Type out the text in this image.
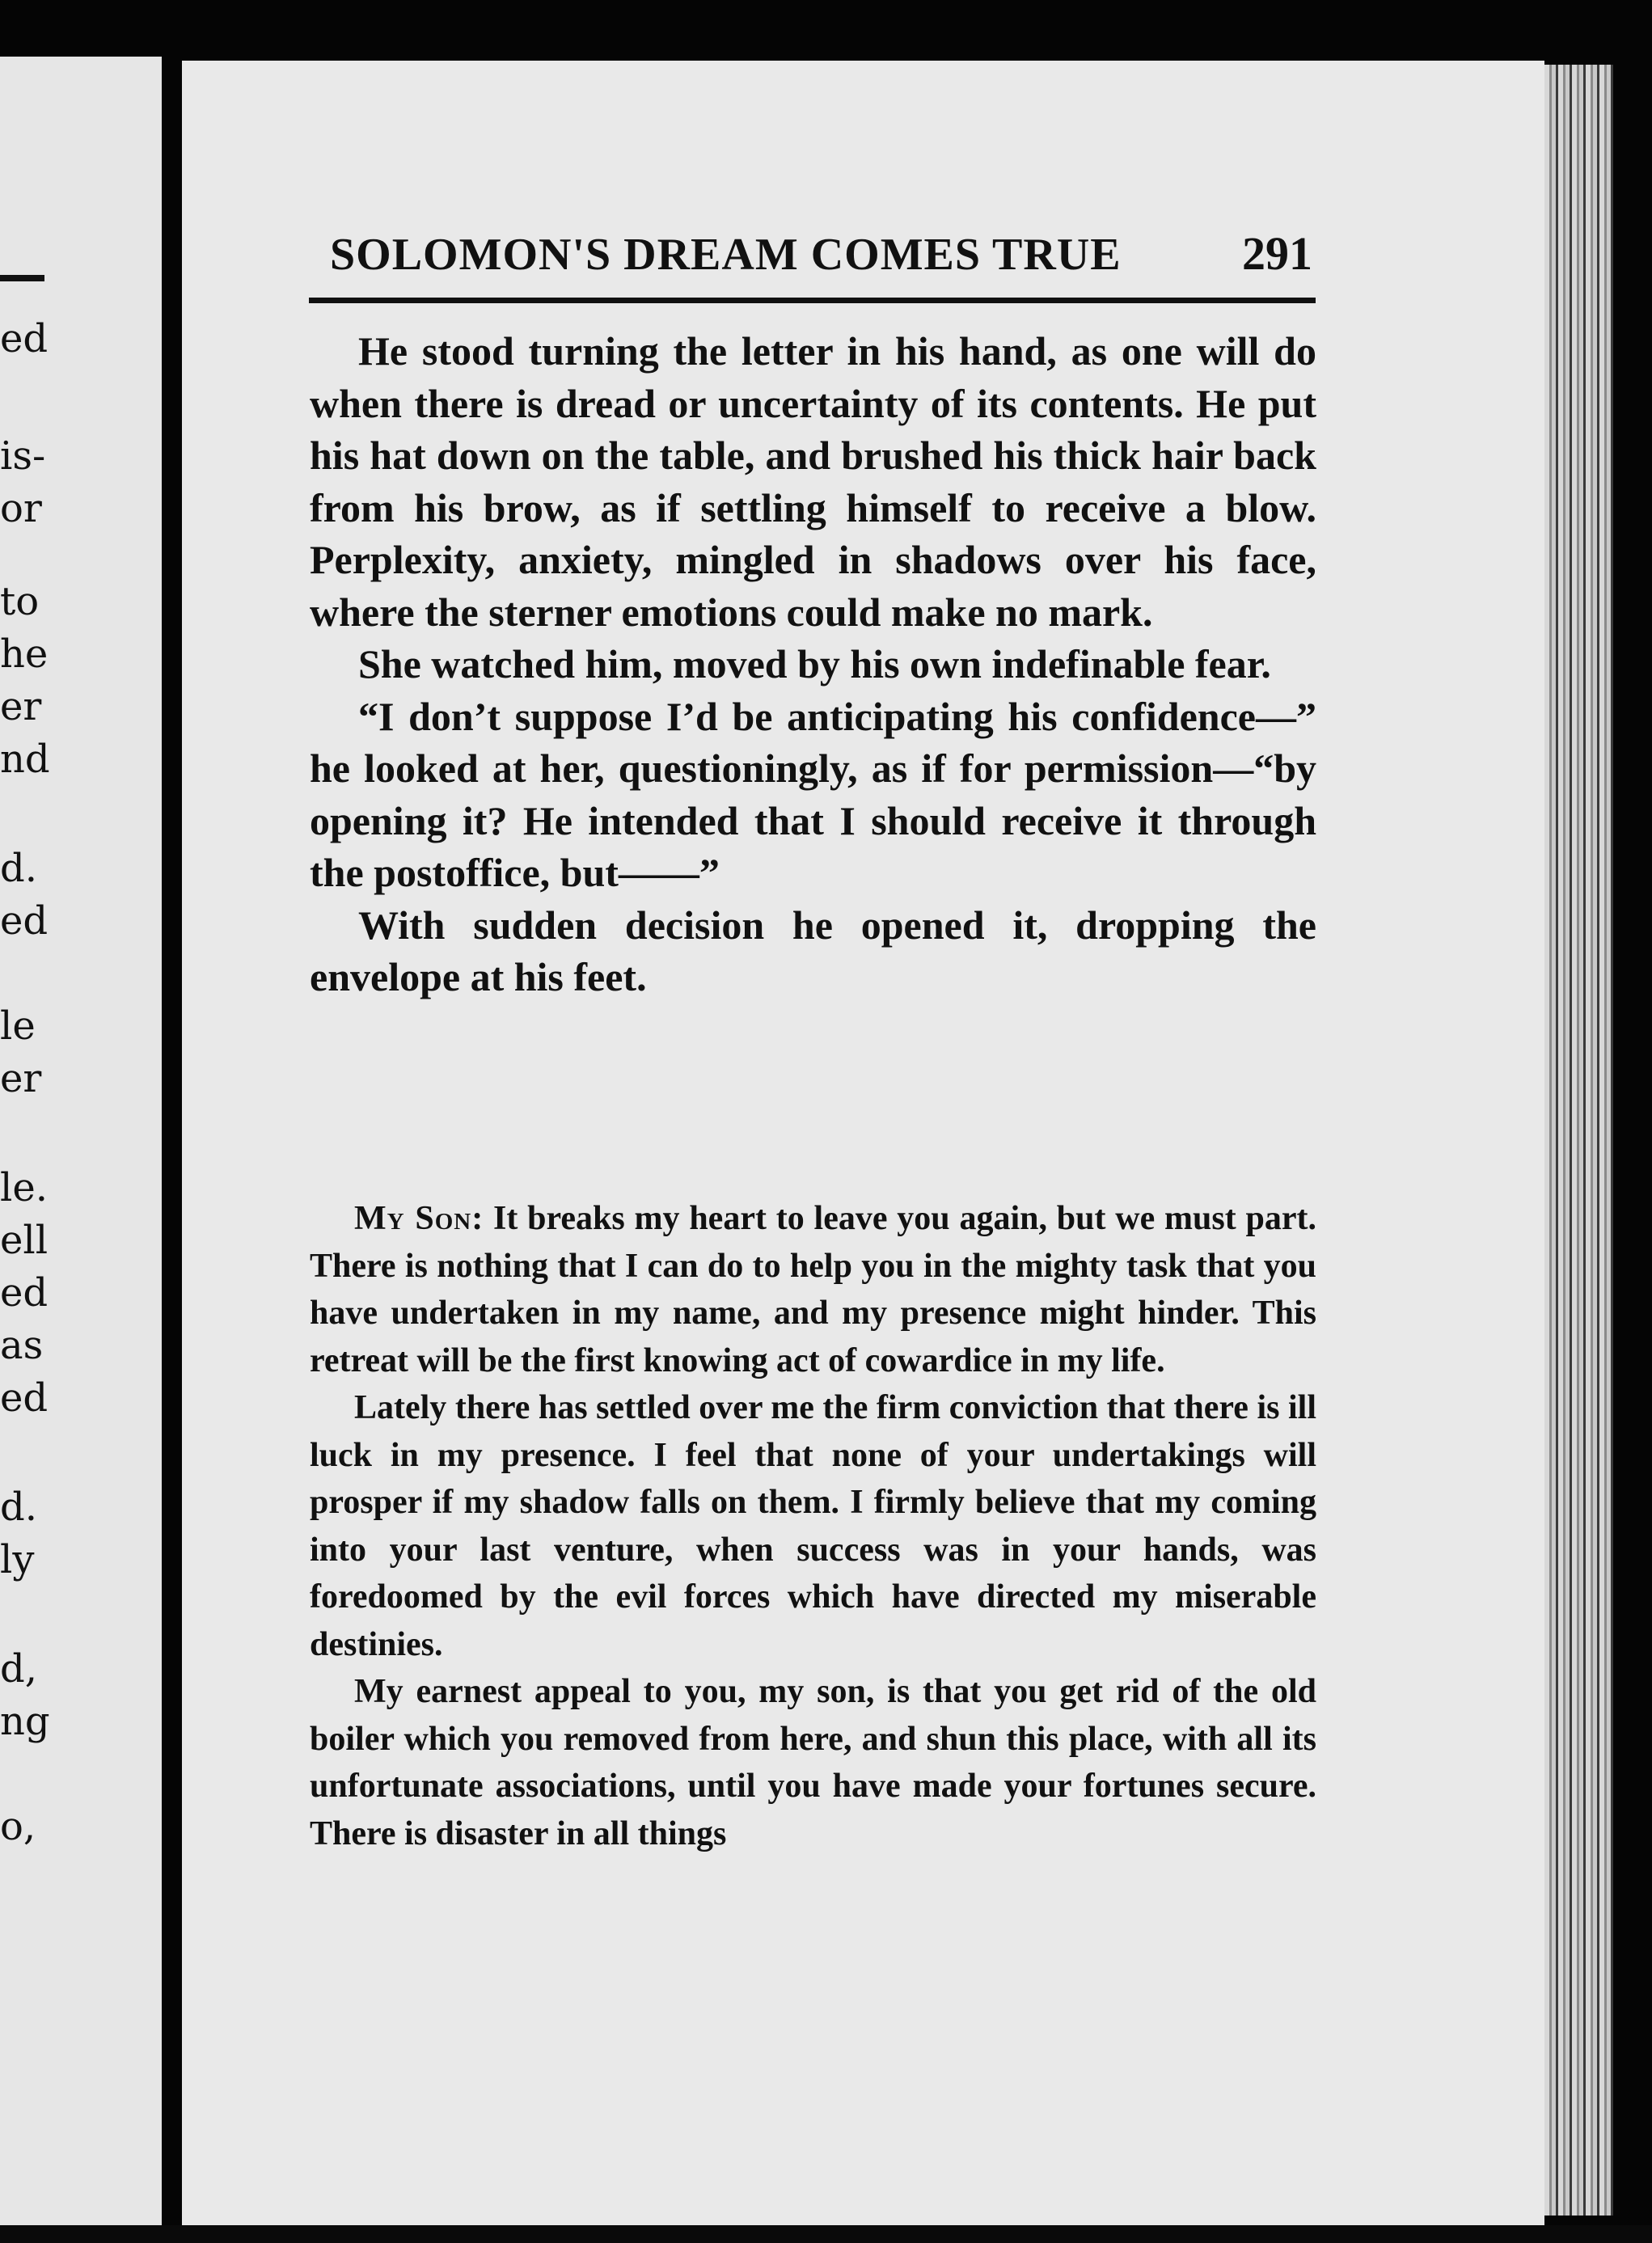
ed
is-
or
to
he
er
nd
d.
ed
le
er
le.
ell
ed
as
ed
d.
ly
d,
ng
o,
SOLOMON'S DREAM COMES TRUE	291

He stood turning the letter in his hand, as one will do when there is dread or uncertainty of its contents. He put his hat down on the table, and brushed his thick hair back from his brow, as if settling himself to receive a blow. Perplexity, anxiety, mingled in shadows over his face, where the sterner emotions could make no mark.

She watched him, moved by his own indefinable fear.

“I don’t suppose I’d be anticipating his confidence—” he looked at her, questioningly, as if for permission—“by opening it? He intended that I should receive it through the postoffice, but——”

With sudden decision he opened it, dropping the envelope at his feet.

My Son: It breaks my heart to leave you again, but we must part. There is nothing that I can do to help you in the mighty task that you have undertaken in my name, and my presence might hinder. This retreat will be the first knowing act of cowardice in my life.

Lately there has settled over me the firm conviction that there is ill luck in my presence. I feel that none of your undertakings will prosper if my shadow falls on them. I firmly believe that my coming into your last venture, when success was in your hands, was foredoomed by the evil forces which have directed my miserable destinies.

My earnest appeal to you, my son, is that you get rid of the old boiler which you removed from here, and shun this place, with all its unfortunate associations, until you have made your fortunes secure. There is disaster in all things
